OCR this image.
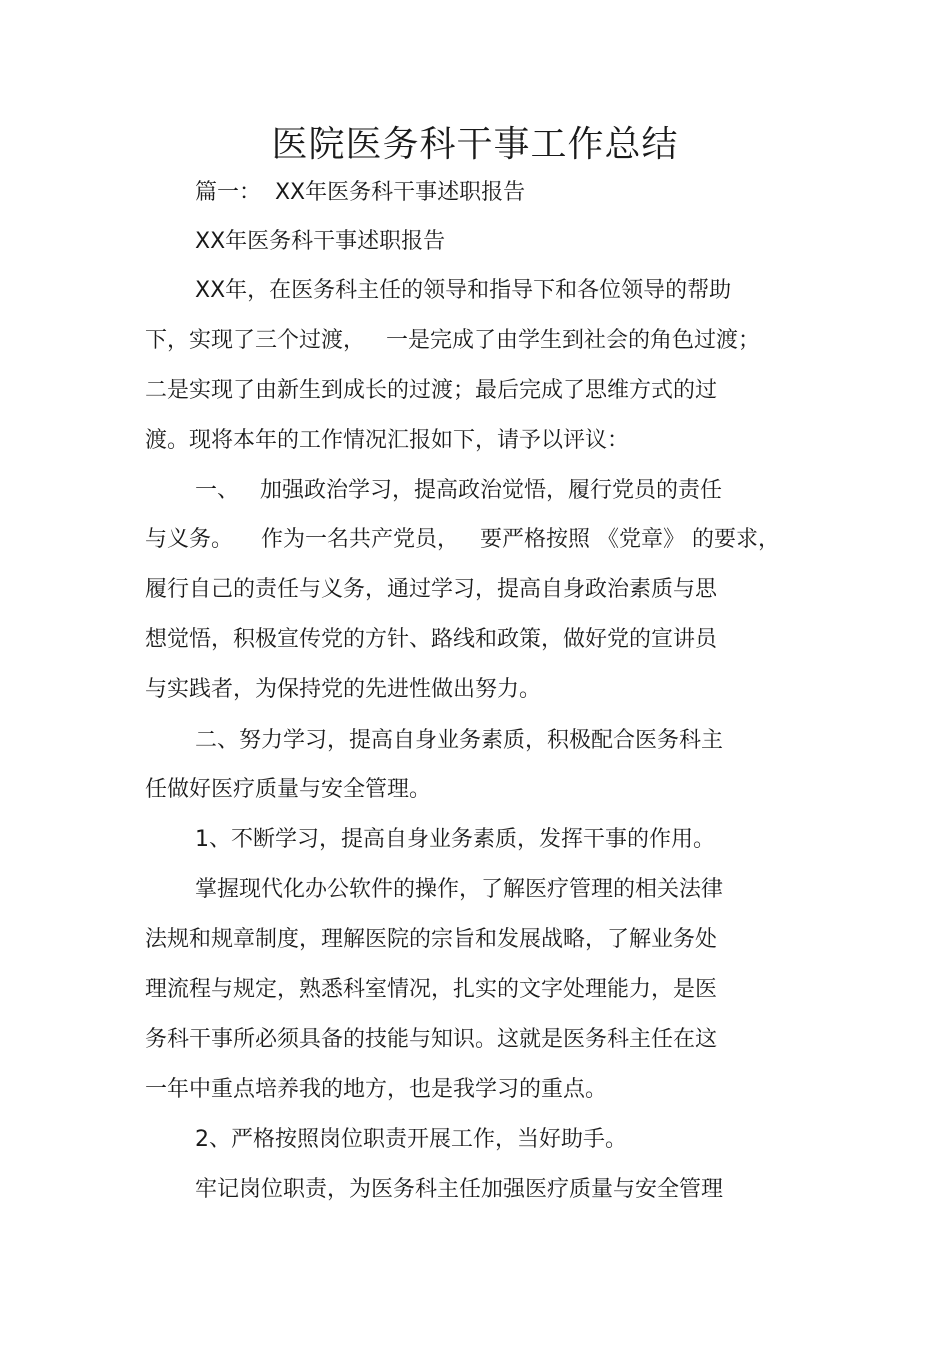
医院医务科干事工作总结
篇一：  XX年医务科干事述职报告
XX年医务科干事述职报告
XX年，在医务科主任的领导和指导下和各位领导的帮助
下，实现了三个过渡，   一是完成了由学生到社会的角色过渡；
二是实现了由新生到成长的过渡；最后完成了思维方式的过
渡。现将本年的工作情况汇报如下，请予以评议：
一、   加强政治学习，提高政治觉悟，履行党员的责任
与义务。    作为一名共产党员，   要严格按照 《党章》 的要求，
履行自己的责任与义务，通过学习，提高自身政治素质与思
想觉悟，积极宣传党的方针、路线和政策，做好党的宣讲员
与实践者，为保持党的先进性做出努力。
二、努力学习，提高自身业务素质，积极配合医务科主
任做好医疗质量与安全管理。
1、不断学习，提高自身业务素质，发挥干事的作用。
掌握现代化办公软件的操作，了解医疗管理的相关法律
法规和规章制度，理解医院的宗旨和发展战略，了解业务处
理流程与规定，熟悉科室情况，扎实的文字处理能力，是医
务科干事所必须具备的技能与知识。这就是医务科主任在这
一年中重点培养我的地方，也是我学习的重点。
2、严格按照岗位职责开展工作，当好助手。
牢记岗位职责，为医务科主任加强医疗质量与安全管理
